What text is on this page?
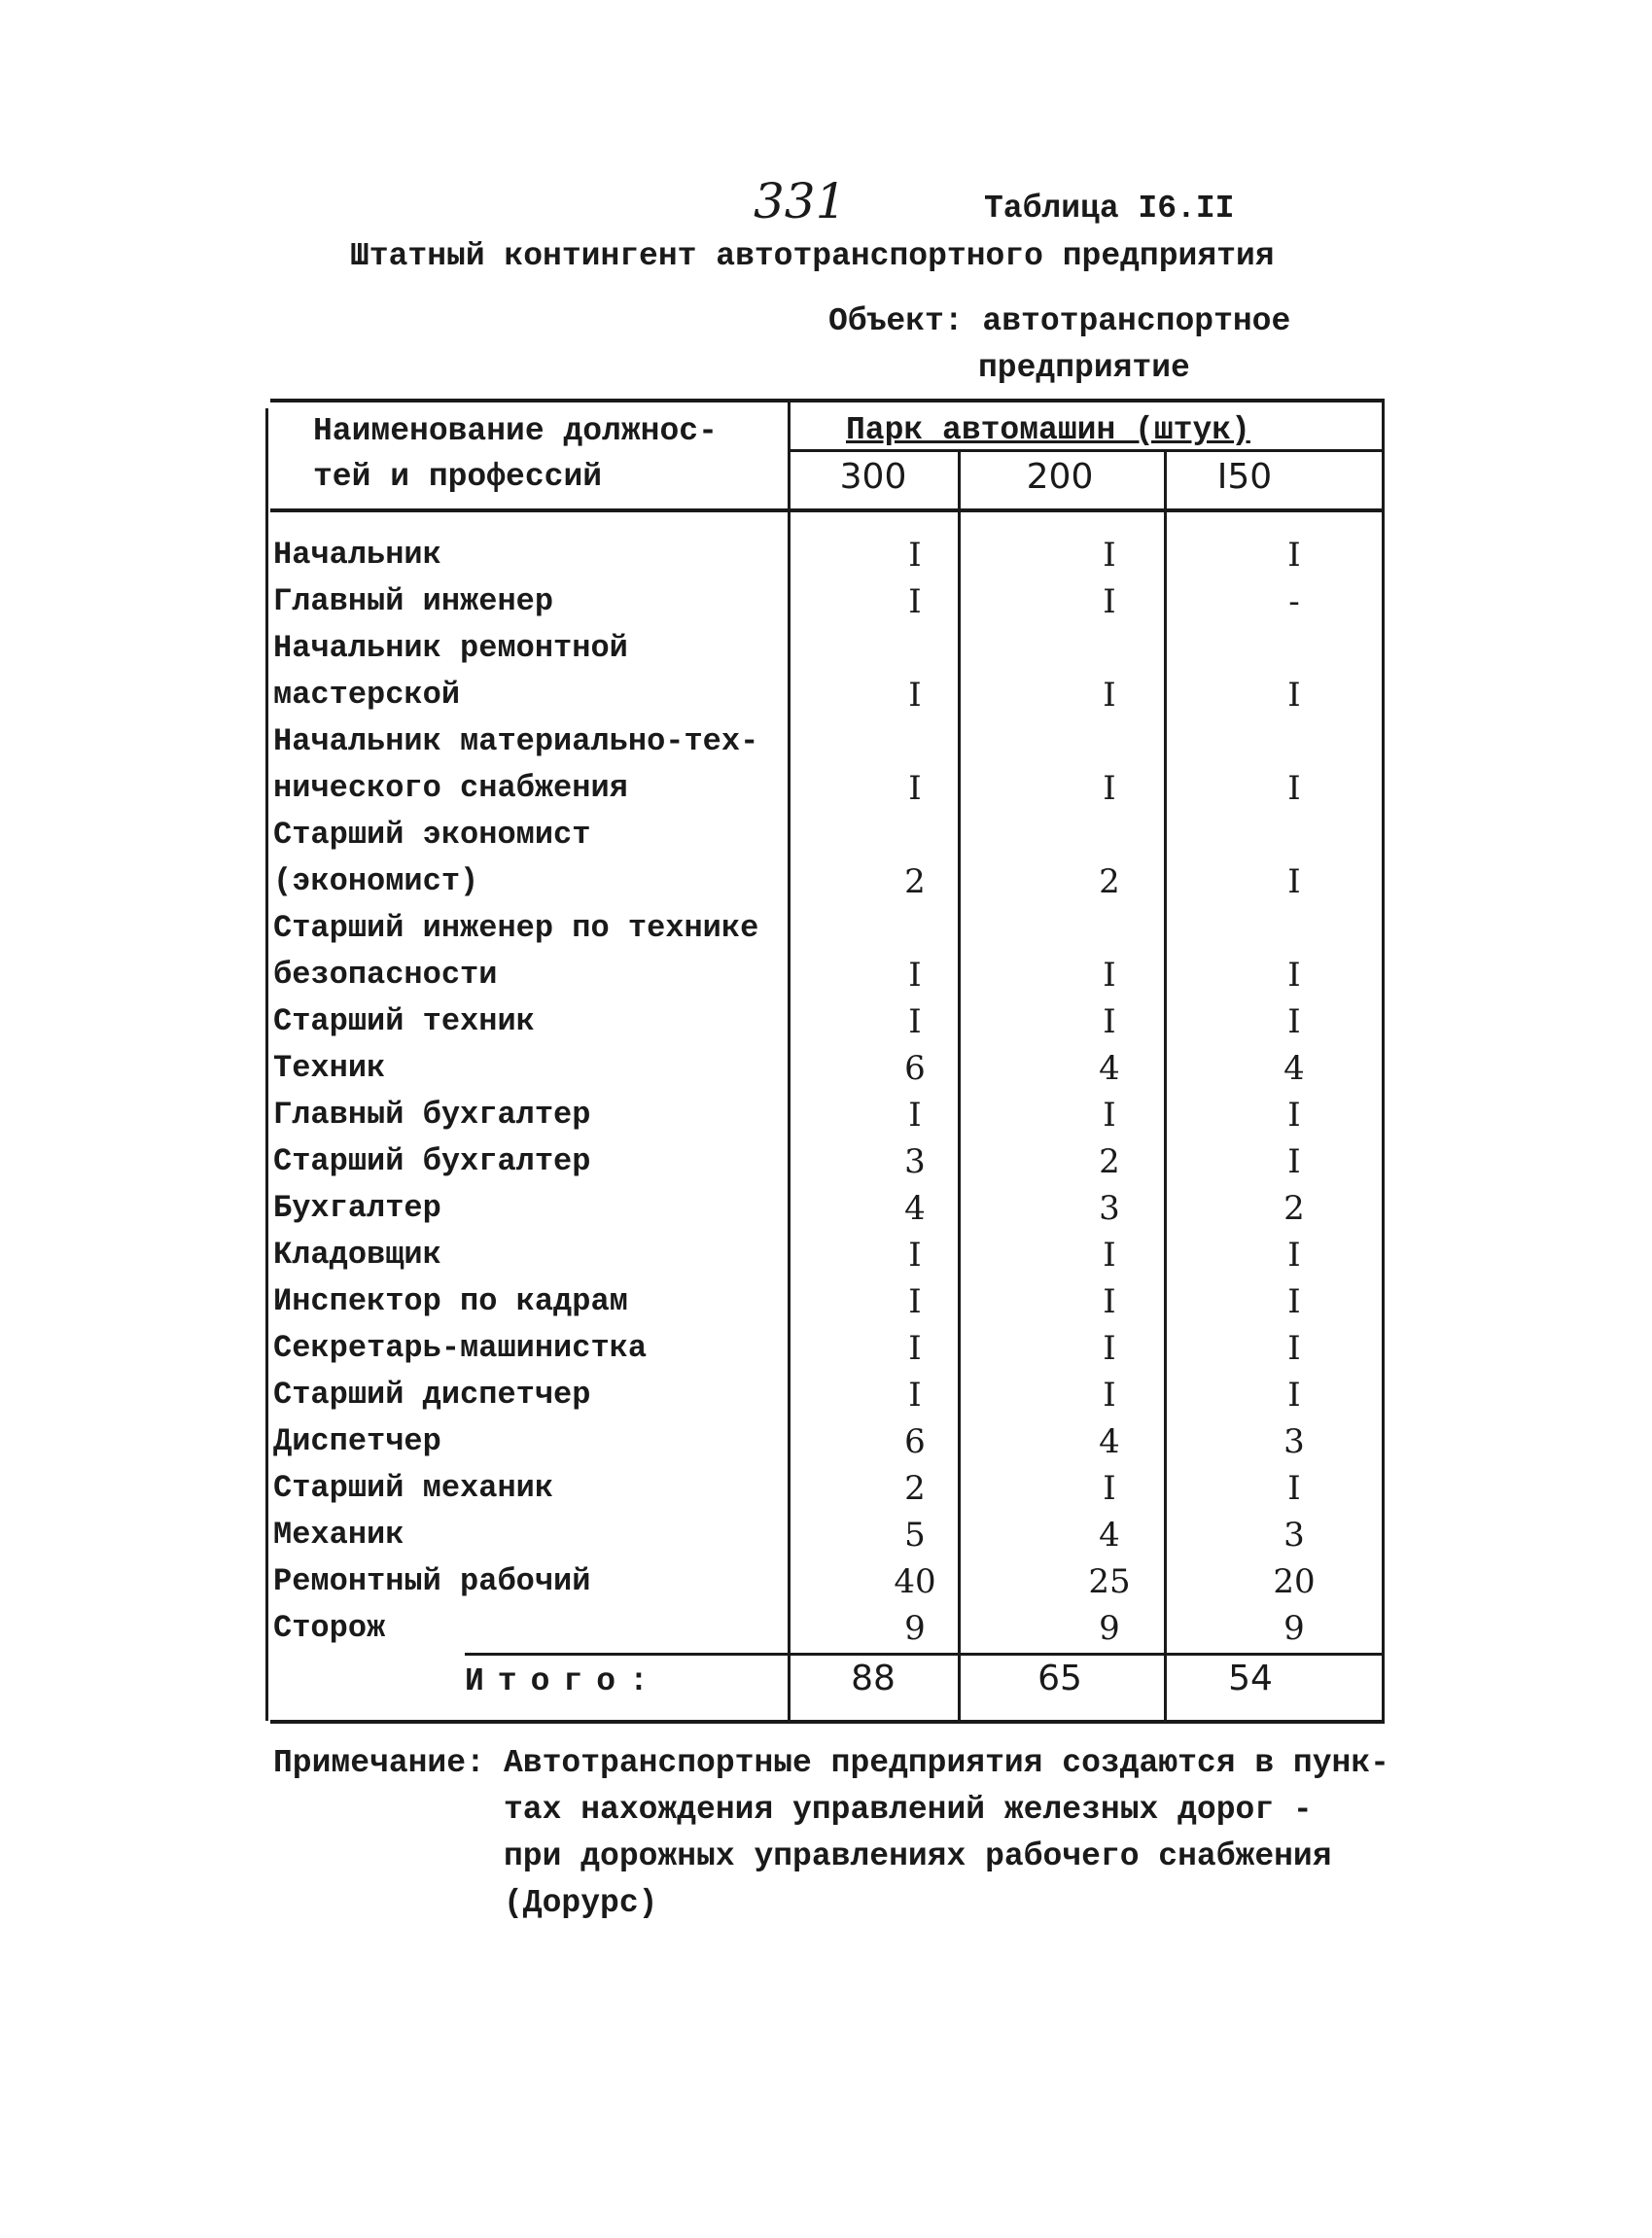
331	Таблица I6.II
Штатный контингент автотранспортного предприятия
Объект: автотранспортное
предприятие
Наименование должнос-
тей и профессий
Парк автомашин (штук)
300	200	I50
Начальник	I	I	I
Главный инженер	I	I	-
Начальник ремонтной
мастерской	I	I	I
Начальник материально-тех-
нического снабжения	I	I	I
Старший экономист
(экономист)	2	2	I
Старший инженер по технике
безопасности	I	I	I
Старший техник	I	I	I
Техник	6	4	4
Главный бухгалтер	I	I	I
Старший бухгалтер	3	2	I
Бухгалтер	4	3	2
Кладовщик	I	I	I
Инспектор по кадрам	I	I	I
Секретарь-машинистка	I	I	I
Старший диспетчер	I	I	I
Диспетчер	6	4	3
Старший механик	2	I	I
Механик	5	4	3
Ремонтный рабочий	40	25	20
Сторож	9	9	9
Итого:	88	65	54
Примечание: Автотранспортные предприятия создаются в пунк-
тах нахождения управлений железных дорог -
при дорожных управлениях рабочего снабжения
(Дорурс)
